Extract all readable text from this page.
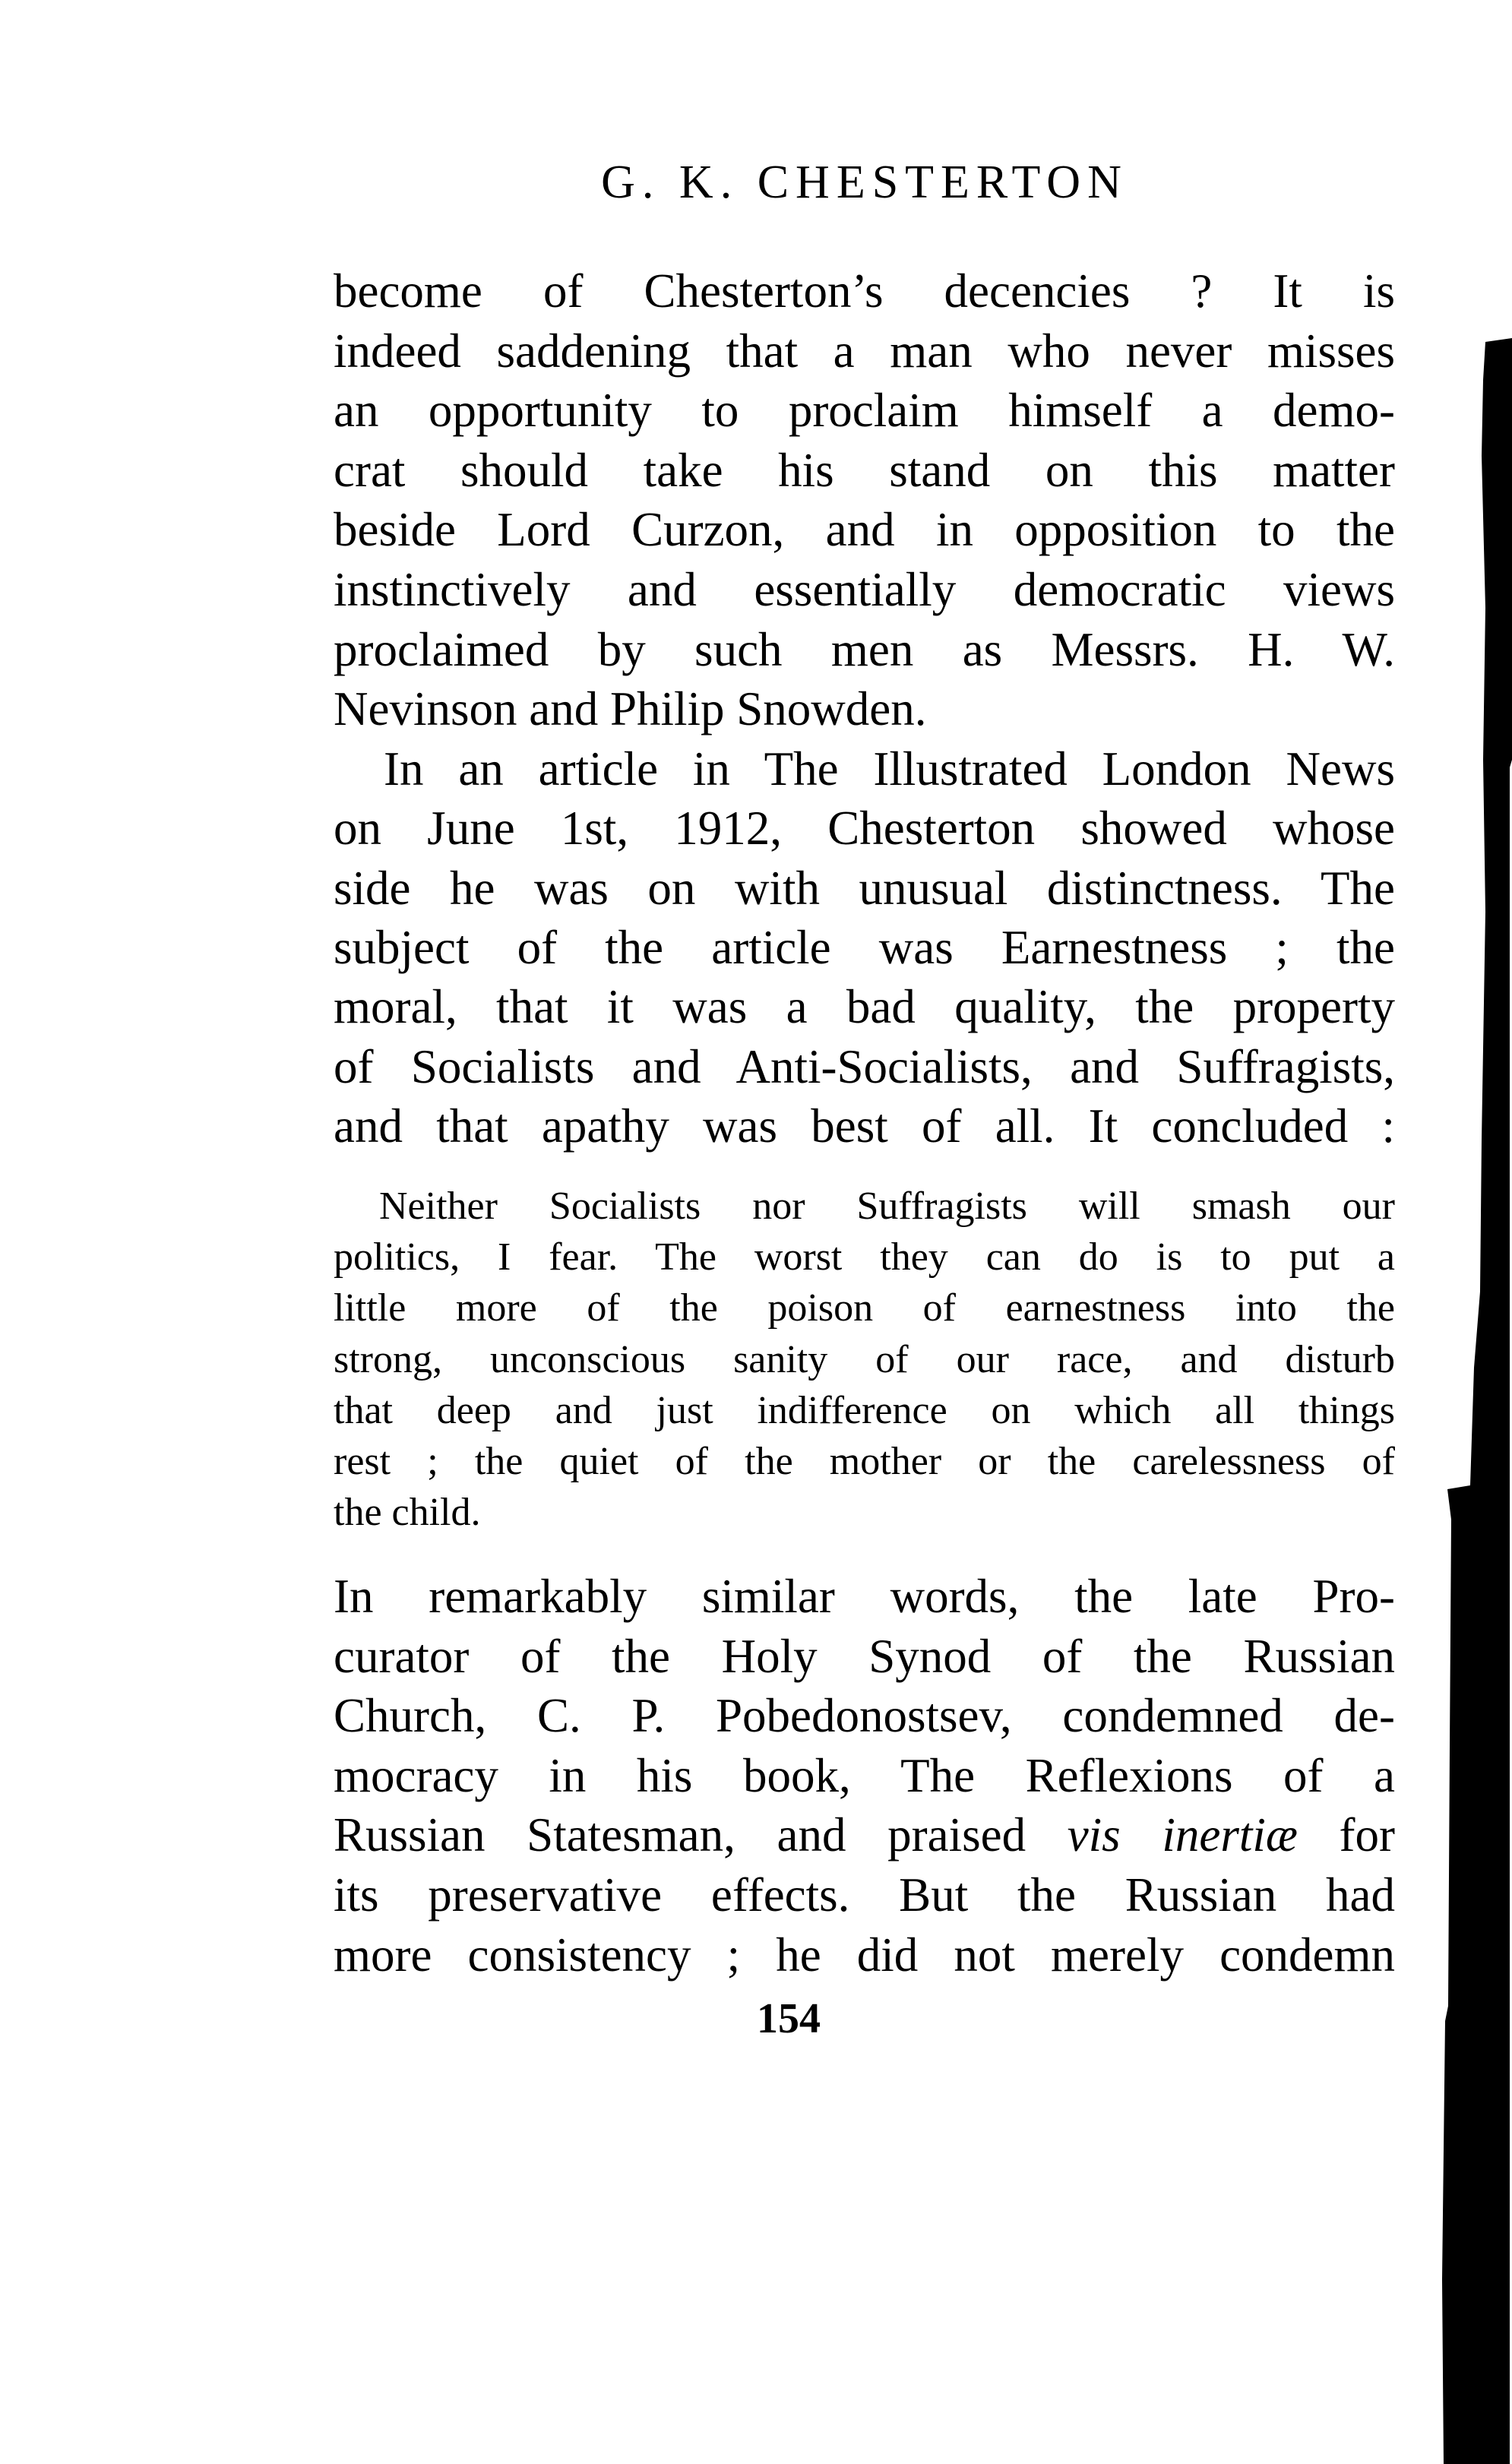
G. K. CHESTERTON
become of Chesterton’s decencies ? It is
indeed saddening that a man who never misses
an opportunity to proclaim himself a demo-
crat should take his stand on this matter
beside Lord Curzon, and in opposition to the
instinctively and essentially democratic views
proclaimed by such men as Messrs. H. W.
Nevinson and Philip Snowden.
In an article in The Illustrated London News
on June 1st, 1912, Chesterton showed whose
side he was on with unusual distinctness. The
subject of the article was Earnestness ; the
moral, that it was a bad quality, the property
of Socialists and Anti-Socialists, and Suffragists,
and that apathy was best of all. It concluded :
Neither Socialists nor Suffragists will smash our
politics, I fear. The worst they can do is to put a
little more of the poison of earnestness into the
strong, unconscious sanity of our race, and disturb
that deep and just indifference on which all things
rest ; the quiet of the mother or the carelessness of
the child.
In remarkably similar words, the late Pro-
curator of the Holy Synod of the Russian
Church, C. P. Pobedonostsev, condemned de-
mocracy in his book, The Reflexions of a
Russian Statesman, and praised vis inertiæ for
its preservative effects. But the Russian had
more consistency ; he did not merely condemn
154
